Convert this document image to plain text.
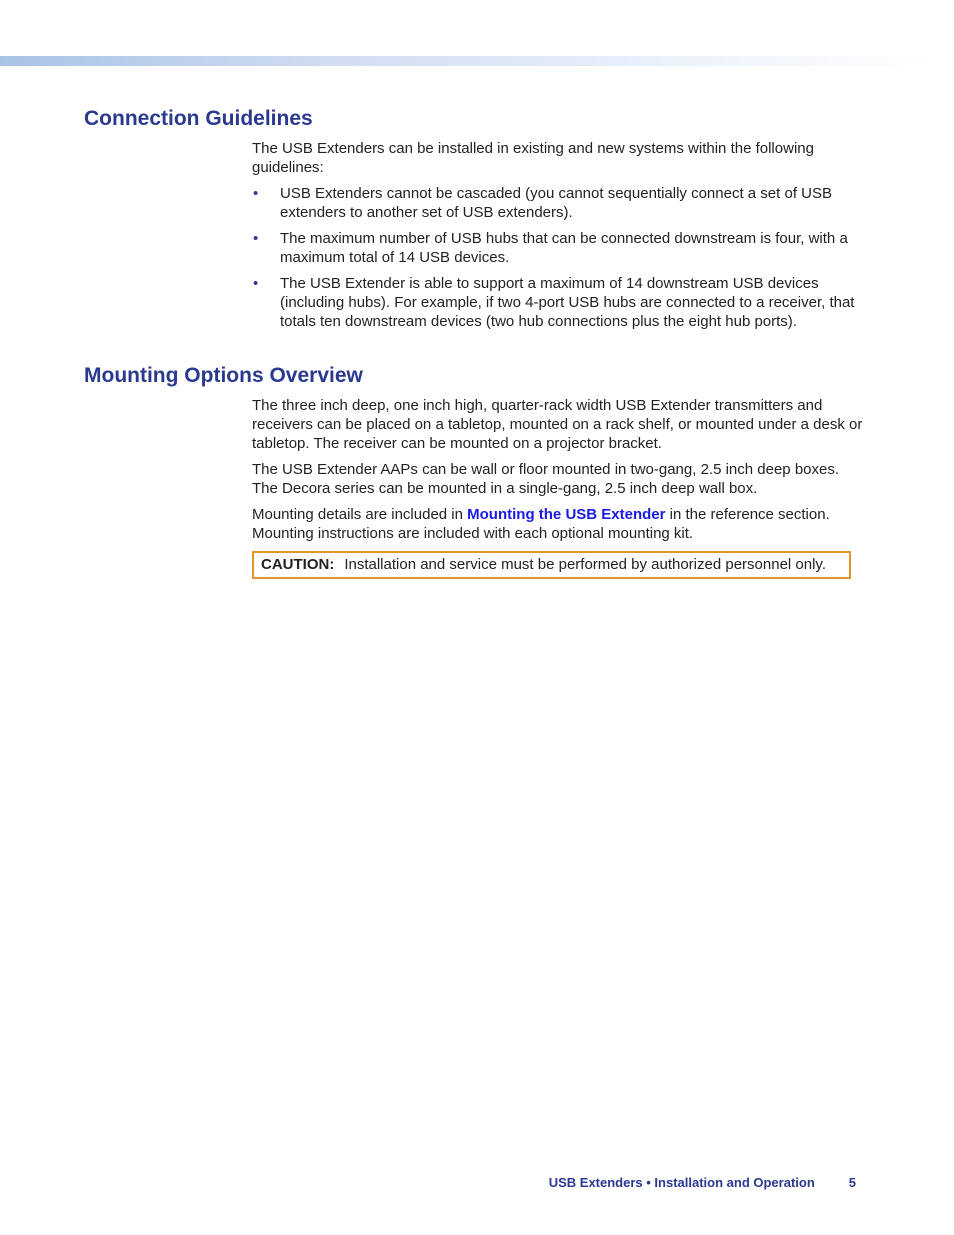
Connection Guidelines

The USB Extenders can be installed in existing and new systems within the following guidelines:

• USB Extenders cannot be cascaded (you cannot sequentially connect a set of USB extenders to another set of USB extenders).
• The maximum number of USB hubs that can be connected downstream is four, with a maximum total of 14 USB devices.
• The USB Extender is able to support a maximum of 14 downstream USB devices (including hubs). For example, if two 4-port USB hubs are connected to a receiver, that totals ten downstream devices (two hub connections plus the eight hub ports).
Mounting Options Overview

The three inch deep, one inch high, quarter-rack width USB Extender transmitters and receivers can be placed on a tabletop, mounted on a rack shelf, or mounted under a desk or tabletop. The receiver can be mounted on a projector bracket.

The USB Extender AAPs can be wall or floor mounted in two-gang, 2.5 inch deep boxes. The Decora series can be mounted in a single-gang, 2.5 inch deep wall box.

Mounting details are included in Mounting the USB Extender in the reference section. Mounting instructions are included with each optional mounting kit.

CAUTION: Installation and service must be performed by authorized personnel only.
USB Extenders • Installation and Operation	5
